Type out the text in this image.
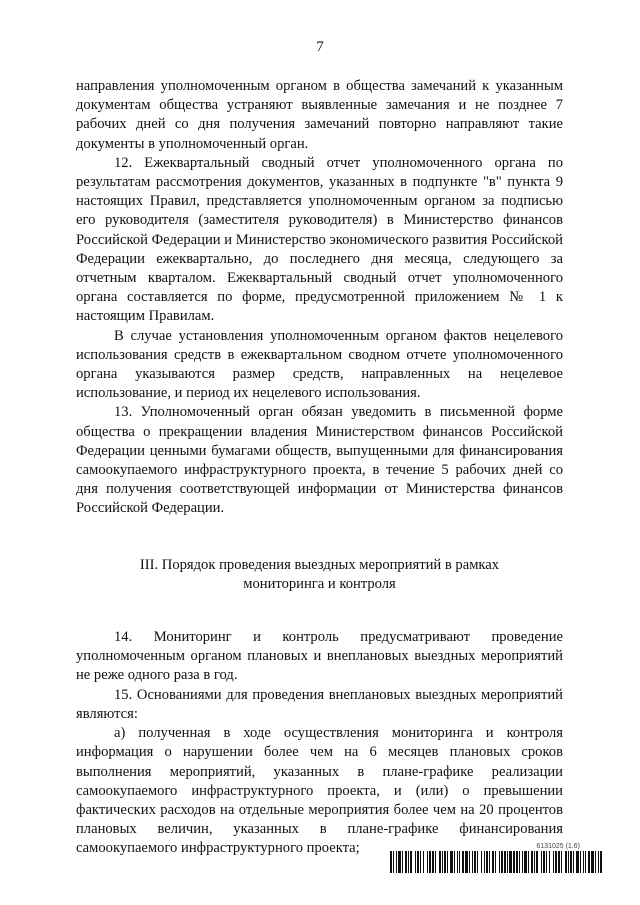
7
направления уполномоченным органом в общества замечаний к указанным документам общества устраняют выявленные замечания и не позднее 7 рабочих дней со дня получения замечаний повторно направляют такие документы в уполномоченный орган.
12. Ежеквартальный сводный отчет уполномоченного органа по результатам рассмотрения документов, указанных в подпункте "в" пункта 9 настоящих Правил, представляется уполномоченным органом за подписью его руководителя (заместителя руководителя) в Министерство финансов Российской Федерации и Министерство экономического развития Российской Федерации ежеквартально, до последнего дня месяца, следующего за отчетным кварталом. Ежеквартальный сводный отчет уполномоченного органа составляется по форме, предусмотренной приложением № 1 к настоящим Правилам.
В случае установления уполномоченным органом фактов нецелевого использования средств в ежеквартальном сводном отчете уполномоченного органа указываются размер средств, направленных на нецелевое использование, и период их нецелевого использования.
13. Уполномоченный орган обязан уведомить в письменной форме общества о прекращении владения Министерством финансов Российской Федерации ценными бумагами обществ, выпущенными для финансирования самоокупаемого инфраструктурного проекта, в течение 5 рабочих дней со дня получения соответствующей информации от Министерства финансов Российской Федерации.
III. Порядок проведения выездных мероприятий в рамках
мониторинга и контроля
14. Мониторинг и контроль предусматривают проведение уполномоченным органом плановых и внеплановых выездных мероприятий не реже одного раза в год.
15. Основаниями для проведения внеплановых выездных мероприятий являются:
а) полученная в ходе осуществления мониторинга и контроля информация о нарушении более чем на 6 месяцев плановых сроков выполнения мероприятий, указанных в плане-графике реализации самоокупаемого инфраструктурного проекта, и (или) о превышении фактических расходов на отдельные мероприятия более чем на 20 процентов плановых величин, указанных в плане-графике финансирования самоокупаемого инфраструктурного проекта;	6131025 (1.6)
